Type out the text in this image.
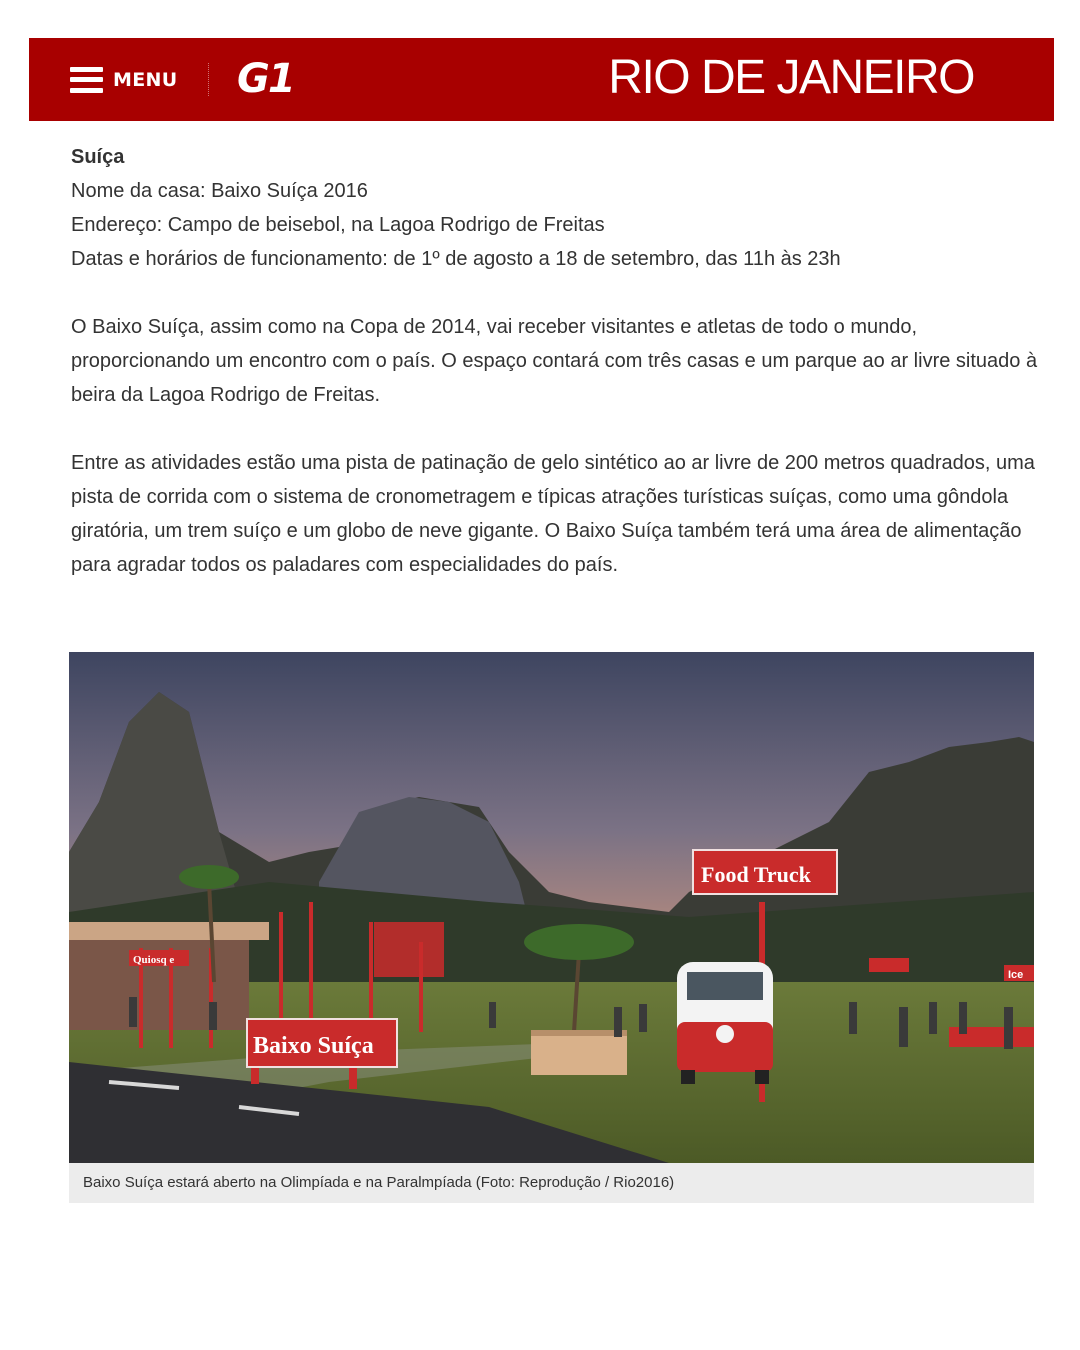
MENU G1	RIO DE JANEIRO

Suíça

Nome da casa: Baixo Suíça 2016

Endereço: Campo de beisebol, na Lagoa Rodrigo de Freitas

Datas e horários de funcionamento: de 1º de agosto a 18 de setembro, das 11h às 23h

O Baixo Suíça, assim como na Copa de 2014, vai receber visitantes e atletas de todo o mundo, proporcionando um encontro com o país. O espaço contará com três casas e um parque ao ar livre situado à beira da Lagoa Rodrigo de Freitas.

Entre as atividades estão uma pista de patinação de gelo sintético ao ar livre de 200 metros quadrados, uma pista de corrida com o sistema de cronometragem e típicas atrações turísticas suíças, como uma gôndola giratória, um trem suíço e um globo de neve gigante. O Baixo Suíça também terá uma área de alimentação para agradar todos os paladares com especialidades do país.

Quiosq e
Food Truck
Baixo Suíça
Ice
Baixo Suíça estará aberto na Olimpíada e na Paralmpíada (Foto: Reprodução / Rio2016)
